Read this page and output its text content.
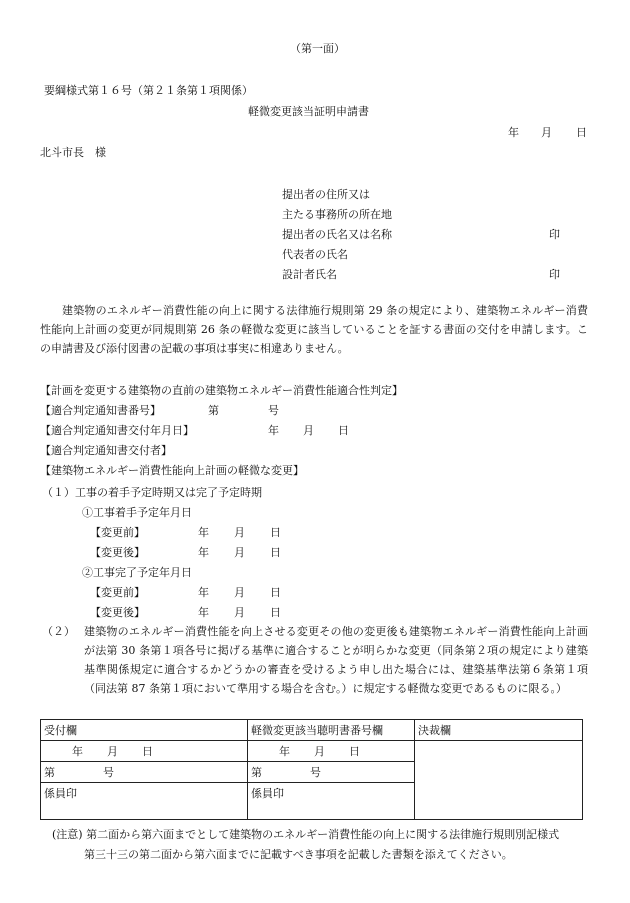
（第一面）
要綱様式第１６号（第２１条第１項関係）
軽微変更該当証明申請書
年 月 日
北斗市長　様
提出者の住所又は
主たる事務所の所在地
提出者の氏名又は名称	印
代表者の氏名
設計者氏名	印
建築物のエネルギー消費性能の向上に関する法律施行規則第 29 条の規定により、建築物エネルギー消費性能向上計画の変更が同規則第 26 条の軽微な変更に該当していることを証する書面の交付を申請します。この申請書及び添付図書の記載の事項は事実に相違ありません。
【計画を変更する建築物の直前の建築物エネルギー消費性能適合性判定】
【適合判定通知書番号】	第	号
【適合判定通知書交付年月日】	年 月 日
【適合判定通知書交付者】
【建築物エネルギー消費性能向上計画の軽微な変更】
（１）工事の着手予定時期又は完了予定時期
①工事着手予定年月日
【変更前】	年 月 日
【変更後】	年 月 日
②工事完了予定年月日
【変更前】	年 月 日
【変更後】	年 月 日
（２） 建築物のエネルギー消費性能を向上させる変更その他の変更後も建築物エネルギー消費性能向上計画が法第 30 条第１項各号に掲げる基準に適合することが明らかな変更（同条第２項の規定により建築基準関係規定に適合するかどうかの審査を受けるよう申し出た場合には、建築基準法第６条第１項（同法第 87 条第１項において準用する場合を含む。）に規定する軽微な変更であるものに限る。）
受付欄	軽微変更該当聴明書番号欄	決裁欄
年 月 日	年 月 日	
第 号	第 号	
係員印	係員印	
(注意) 第二面から第六面までとして建築物のエネルギー消費性能の向上に関する法律施行規則別記様式
第三十三の第二面から第六面までに記載すべき事項を記載した書類を添えてください。
